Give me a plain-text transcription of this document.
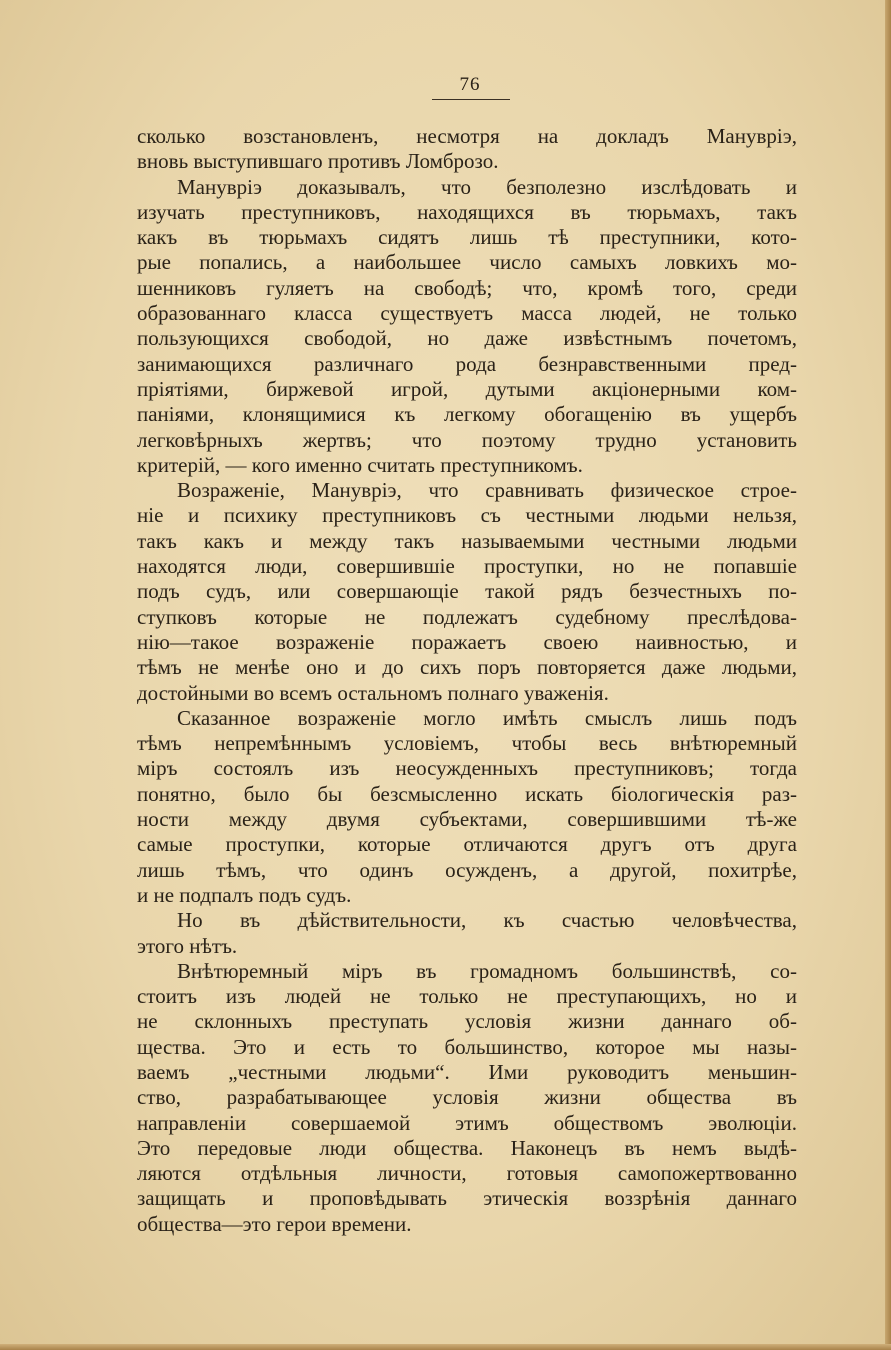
76
сколько возстановленъ, несмотря на докладъ Мануврiэ,
вновь выступившаго противъ Ломброзо.
Мануврiэ доказывалъ, что безполезно изслѣдовать и
изучать преступниковъ, находящихся въ тюрьмахъ, такъ
какъ въ тюрьмахъ сидятъ лишь тѣ преступники, кото-
рые попались, а наибольшее число самыхъ ловкихъ мо-
шенниковъ гуляетъ на свободѣ; что, кромѣ того, среди
образованнаго класса существуетъ масса людей, не только
пользующихся свободой, но даже извѣстнымъ почетомъ,
занимающихся различнаго рода безнравственными пред-
прiятiями, биржевой игрой, дутыми акцiонерными ком-
панiями, клонящимися къ легкому обогащенiю въ ущербъ
легковѣрныхъ жертвъ; что поэтому трудно установить
критерiй, — кого именно считать преступникомъ.
Возраженiе, Мануврiэ, что сравнивать физическое строе-
нiе и психику преступниковъ съ честными людьми нельзя,
такъ какъ и между такъ называемыми честными людьми
находятся люди, совершившiе проступки, но не попавшiе
подъ судъ, или совершающiе такой рядъ безчестныхъ по-
ступковъ которые не подлежатъ судебному преслѣдова-
нiю—такое возраженiе поражаетъ своею наивностью, и
тѣмъ не менѣе оно и до сихъ поръ повторяется даже людьми,
достойными во всемъ остальномъ полнаго уваженiя.
Сказанное возраженiе могло имѣть смыслъ лишь подъ
тѣмъ непремѣннымъ условiемъ, чтобы весь внѣтюремный
мiръ состоялъ изъ неосужденныхъ преступниковъ; тогда
понятно, было бы безсмысленно искать бiологическiя раз-
ности между двумя субъектами, совершившими тѣ-же
самые проступки, которые отличаются другъ отъ друга
лишь тѣмъ, что одинъ осужденъ, а другой, похитрѣе,
и не подпалъ подъ судъ.
Но въ дѣйствительности, къ счастью человѣчества,
этого нѣтъ.
Внѣтюремный мiръ въ громадномъ большинствѣ, со-
стоитъ изъ людей не только не преступающихъ, но и
не склонныхъ преступать условiя жизни даннаго об-
щества. Это и есть то большинство, которое мы назы-
ваемъ „честными людьми“. Ими руководитъ меньшин-
ство, разрабатывающее условiя жизни общества въ
направленiи совершаемой этимъ обществомъ эволюцiи.
Это передовые люди общества. Наконецъ въ немъ выдѣ-
ляются отдѣльныя личности, готовыя самопожертвованно
защищать и проповѣдывать этическiя воззрѣнiя даннаго
общества—это герои времени.
